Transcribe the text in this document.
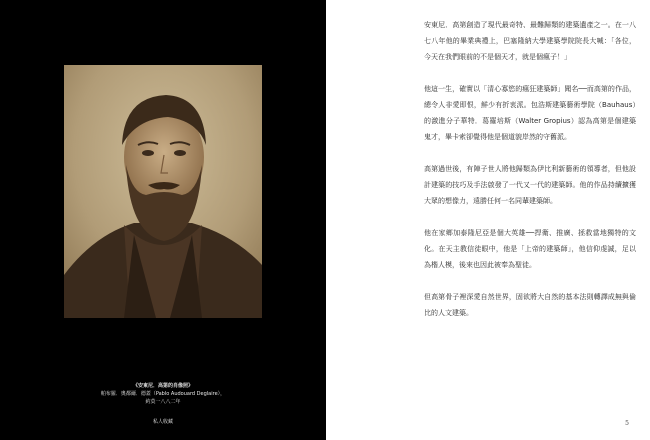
《安東尼．高第的肖像照》
帕布羅．奧都爾．德蓋（Pablo Audouard Deglaire），
約莫一八八二年
私人收藏

安東尼．高第創造了現代最奇特、最難歸類的建築遺產之一。在一八七八年他的畢業典禮上，巴塞隆納大學建築學院院長大喊：「各位，今天在我們眼前的不是個天才，就是個瘋子！」

他這一生，確實以「清心寡慾的瘋狂建築師」聞名──而高第的作品，總令人非愛即恨，鮮少有折衷派。包浩斯建築藝術學院（Bauhaus）的激進分子華特．葛羅培斯（Walter Gropius）認為高第是個建築鬼才，畢卡索卻覺得他是個道貌岸然的守舊派。

高第過世後，有陣子世人將他歸類為伊比利新藝術的領導者，但他設計建築的技巧及手法啟發了一代又一代的建築師。他的作品持續擴獲大眾的想像力，遠勝任何一名同輩建築師。

他在家鄉加泰隆尼亞是個大英雄──捍衛、推廣、拯救當地獨特的文化。在天主教信徒眼中，他是「上帝的建築師」，他信仰虔誠，足以為楷人模，後來也因此被奉為聖徒。

但高第骨子裡深愛自然世界，固欲將大自然的基本法則轉譯成無與倫比的人文建築。

5
